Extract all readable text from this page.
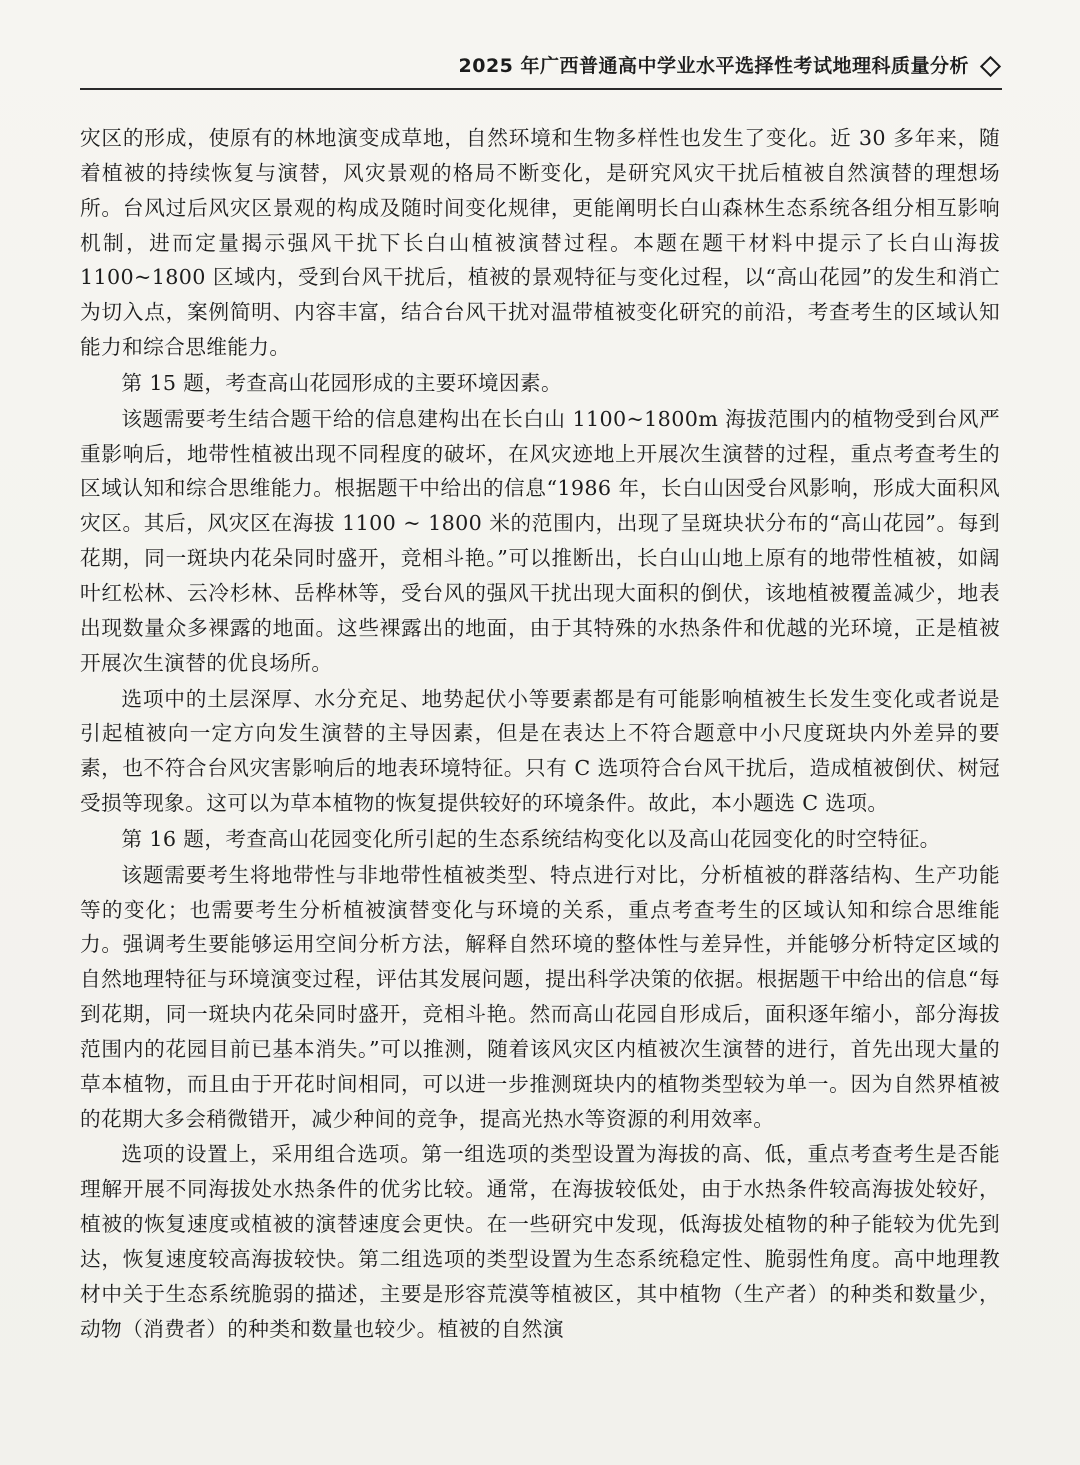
2025 年广西普通高中学业水平选择性考试地理科质量分析

灾区的形成，使原有的林地演变成草地，自然环境和生物多样性也发生了变化。近 30 多年来，随着植被的持续恢复与演替，风灾景观的格局不断变化，是研究风灾干扰后植被自然演替的理想场所。台风过后风灾区景观的构成及随时间变化规律，更能阐明长白山森林生态系统各组分相互影响机制，进而定量揭示强风干扰下长白山植被演替过程。本题在题干材料中提示了长白山海拔 1100~1800 区域内，受到台风干扰后，植被的景观特征与变化过程，以“高山花园”的发生和消亡为切入点，案例简明、内容丰富，结合台风干扰对温带植被变化研究的前沿，考查考生的区域认知能力和综合思维能力。

第 15 题，考查高山花园形成的主要环境因素。

该题需要考生结合题干给的信息建构出在长白山 1100~1800m 海拔范围内的植物受到台风严重影响后，地带性植被出现不同程度的破坏，在风灾迹地上开展次生演替的过程，重点考查考生的区域认知和综合思维能力。根据题干中给出的信息“1986 年，长白山因受台风影响，形成大面积风灾区。其后，风灾区在海拔 1100 ~ 1800 米的范围内，出现了呈斑块状分布的“高山花园”。每到花期，同一斑块内花朵同时盛开，竞相斗艳。”可以推断出，长白山山地上原有的地带性植被，如阔叶红松林、云冷杉林、岳桦林等，受台风的强风干扰出现大面积的倒伏，该地植被覆盖减少，地表出现数量众多裸露的地面。这些裸露出的地面，由于其特殊的水热条件和优越的光环境，正是植被开展次生演替的优良场所。

选项中的土层深厚、水分充足、地势起伏小等要素都是有可能影响植被生长发生变化或者说是引起植被向一定方向发生演替的主导因素，但是在表达上不符合题意中小尺度斑块内外差异的要素，也不符合台风灾害影响后的地表环境特征。只有 C 选项符合台风干扰后，造成植被倒伏、树冠受损等现象。这可以为草本植物的恢复提供较好的环境条件。故此，本小题选 C 选项。

第 16 题，考查高山花园变化所引起的生态系统结构变化以及高山花园变化的时空特征。

该题需要考生将地带性与非地带性植被类型、特点进行对比，分析植被的群落结构、生产功能等的变化；也需要考生分析植被演替变化与环境的关系，重点考查考生的区域认知和综合思维能力。强调考生要能够运用空间分析方法，解释自然环境的整体性与差异性，并能够分析特定区域的自然地理特征与环境演变过程，评估其发展问题，提出科学决策的依据。根据题干中给出的信息“每到花期，同一斑块内花朵同时盛开，竞相斗艳。然而高山花园自形成后，面积逐年缩小，部分海拔范围内的花园目前已基本消失。”可以推测，随着该风灾区内植被次生演替的进行，首先出现大量的草本植物，而且由于开花时间相同，可以进一步推测斑块内的植物类型较为单一。因为自然界植被的花期大多会稍微错开，减少种间的竞争，提高光热水等资源的利用效率。

选项的设置上，采用组合选项。第一组选项的类型设置为海拔的高、低，重点考查考生是否能理解开展不同海拔处水热条件的优劣比较。通常，在海拔较低处，由于水热条件较高海拔处较好，植被的恢复速度或植被的演替速度会更快。在一些研究中发现，低海拔处植物的种子能较为优先到达，恢复速度较高海拔较快。第二组选项的类型设置为生态系统稳定性、脆弱性角度。高中地理教材中关于生态系统脆弱的描述，主要是形容荒漠等植被区，其中植物（生产者）的种类和数量少，动物（消费者）的种类和数量也较少。植被的自然演
